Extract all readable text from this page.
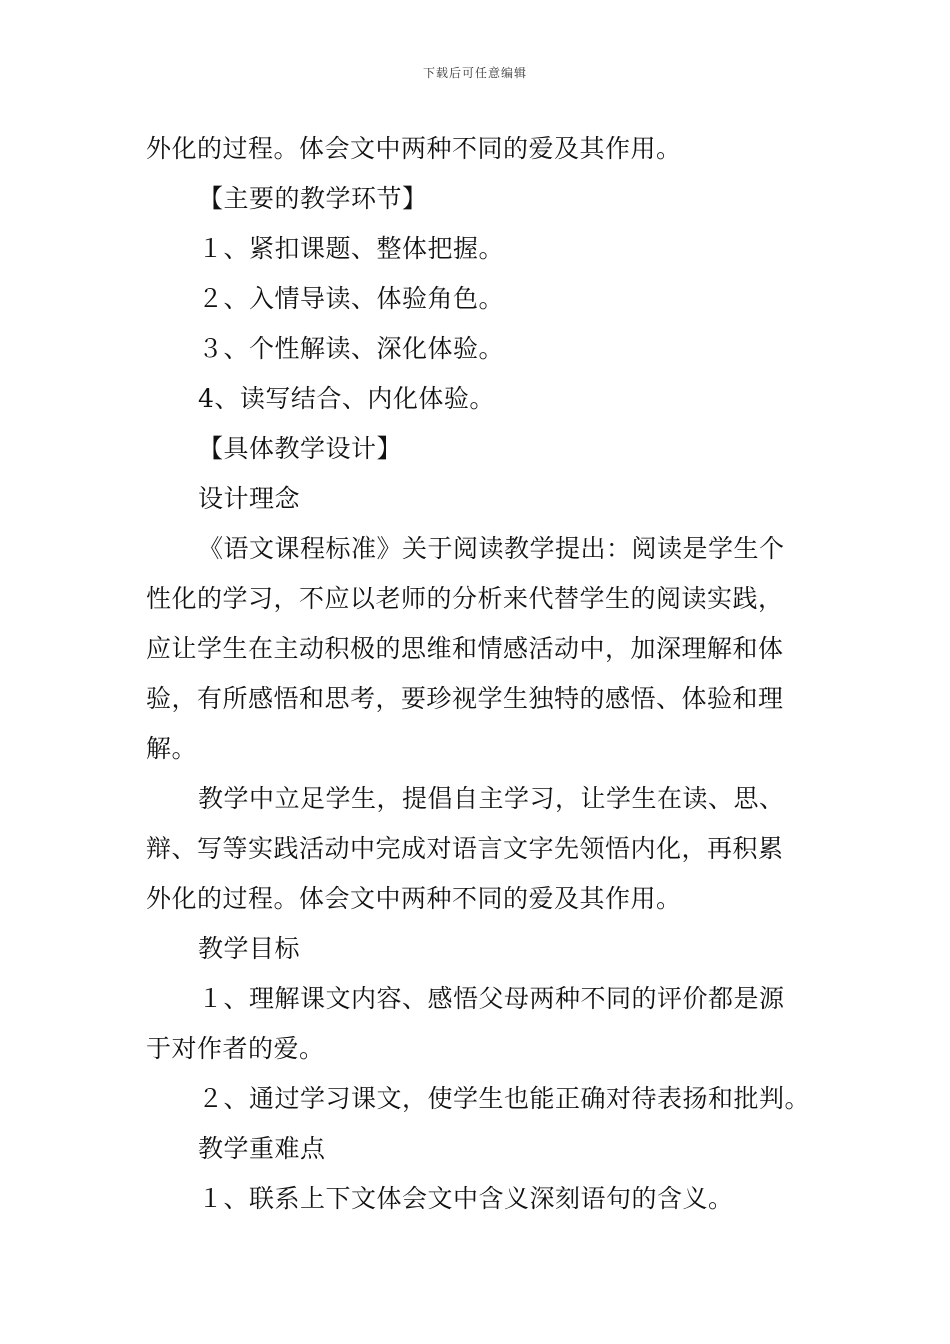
下载后可任意编辑
外化的过程。体会文中两种不同的爱及其作用。
【主要的教学环节】
１、紧扣课题、整体把握。
２、入情导读、体验角色。
３、个性解读、深化体验。
4、读写结合、内化体验。
【具体教学设计】
设计理念
《语文课程标准》关于阅读教学提出：阅读是学生个
性化的学习，不应以老师的分析来代替学生的阅读实践，
应让学生在主动积极的思维和情感活动中，加深理解和体
验，有所感悟和思考，要珍视学生独特的感悟、体验和理
解。
教学中立足学生，提倡自主学习，让学生在读、思、
辩、写等实践活动中完成对语言文字先领悟内化，再积累
外化的过程。体会文中两种不同的爱及其作用。
教学目标
１、理解课文内容、感悟父母两种不同的评价都是源
于对作者的爱。
２、通过学习课文，使学生也能正确对待表扬和批判。
教学重难点
１、联系上下文体会文中含义深刻语句的含义。
